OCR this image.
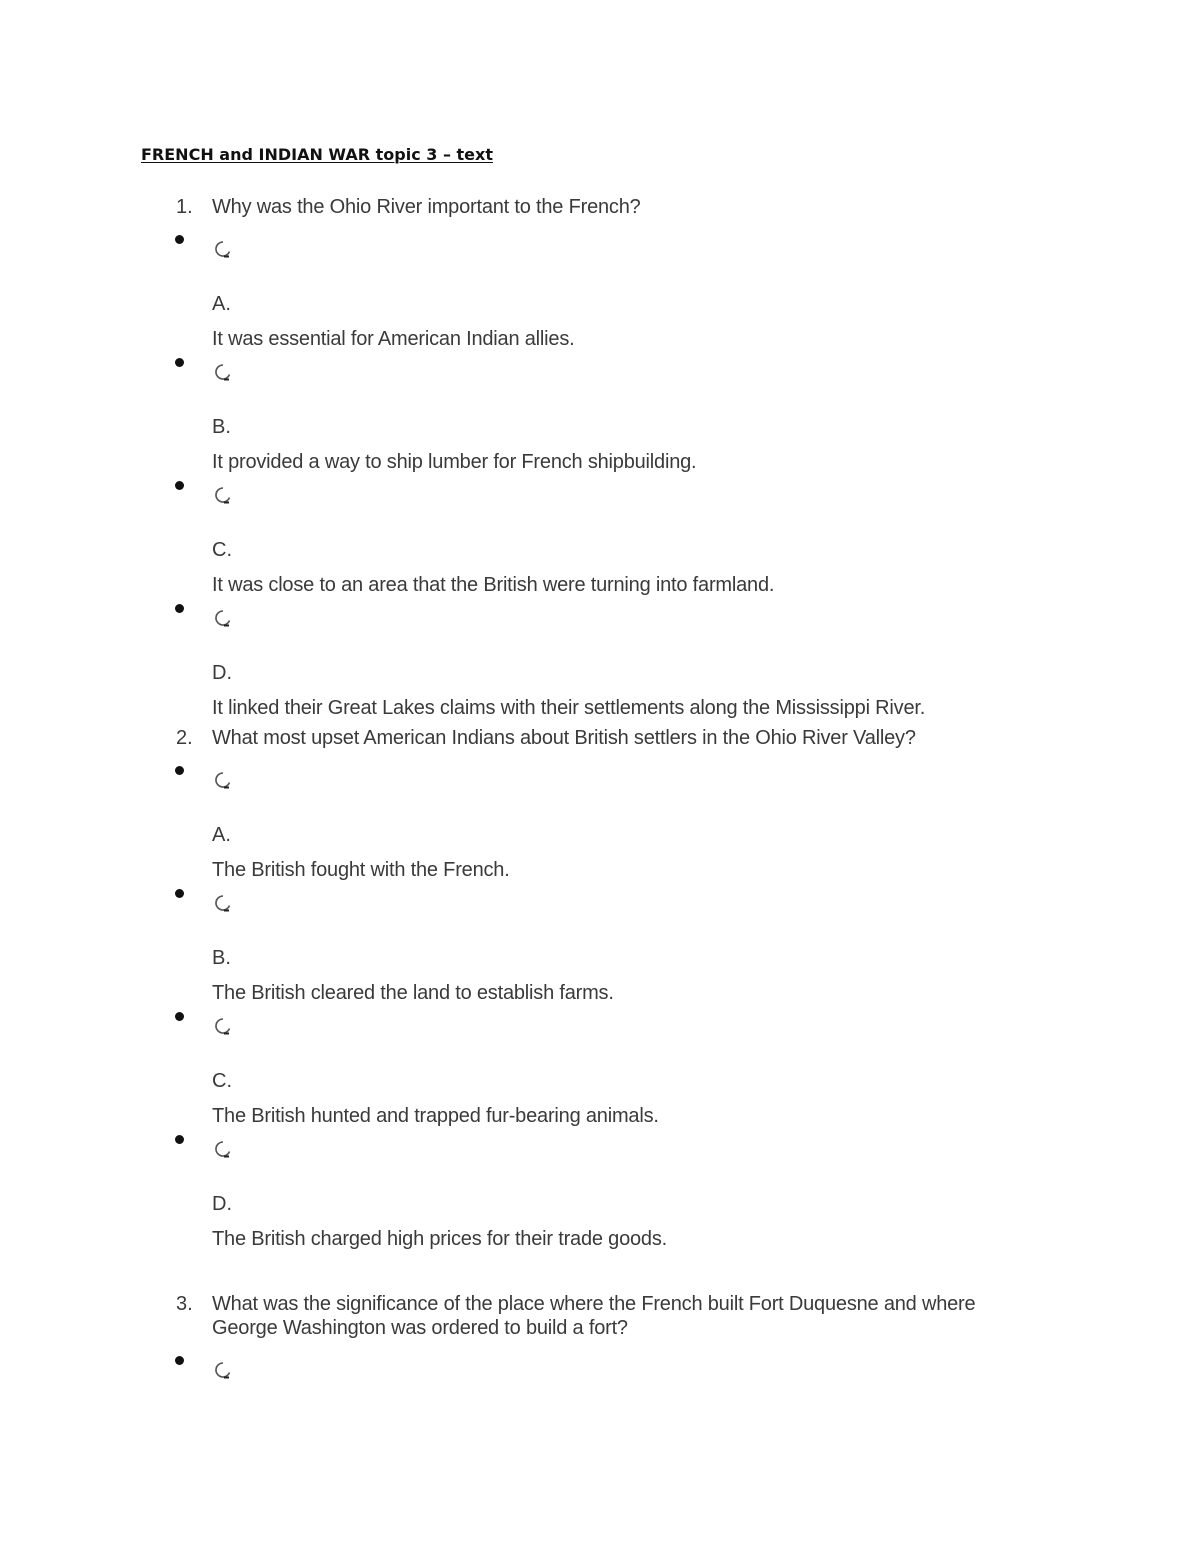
FRENCH and INDIAN WAR topic 3 – text
1. Why was the Ohio River important to the French?
A.
It was essential for American Indian allies.
B.
It provided a way to ship lumber for French shipbuilding.
C.
It was close to an area that the British were turning into farmland.
D.
It linked their Great Lakes claims with their settlements along the Mississippi River.
2. What most upset American Indians about British settlers in the Ohio River Valley?
A.
The British fought with the French.
B.
The British cleared the land to establish farms.
C.
The British hunted and trapped fur-bearing animals.
D.
The British charged high prices for their trade goods.
3. What was the significance of the place where the French built Fort Duquesne and where
George Washington was ordered to build a fort?
